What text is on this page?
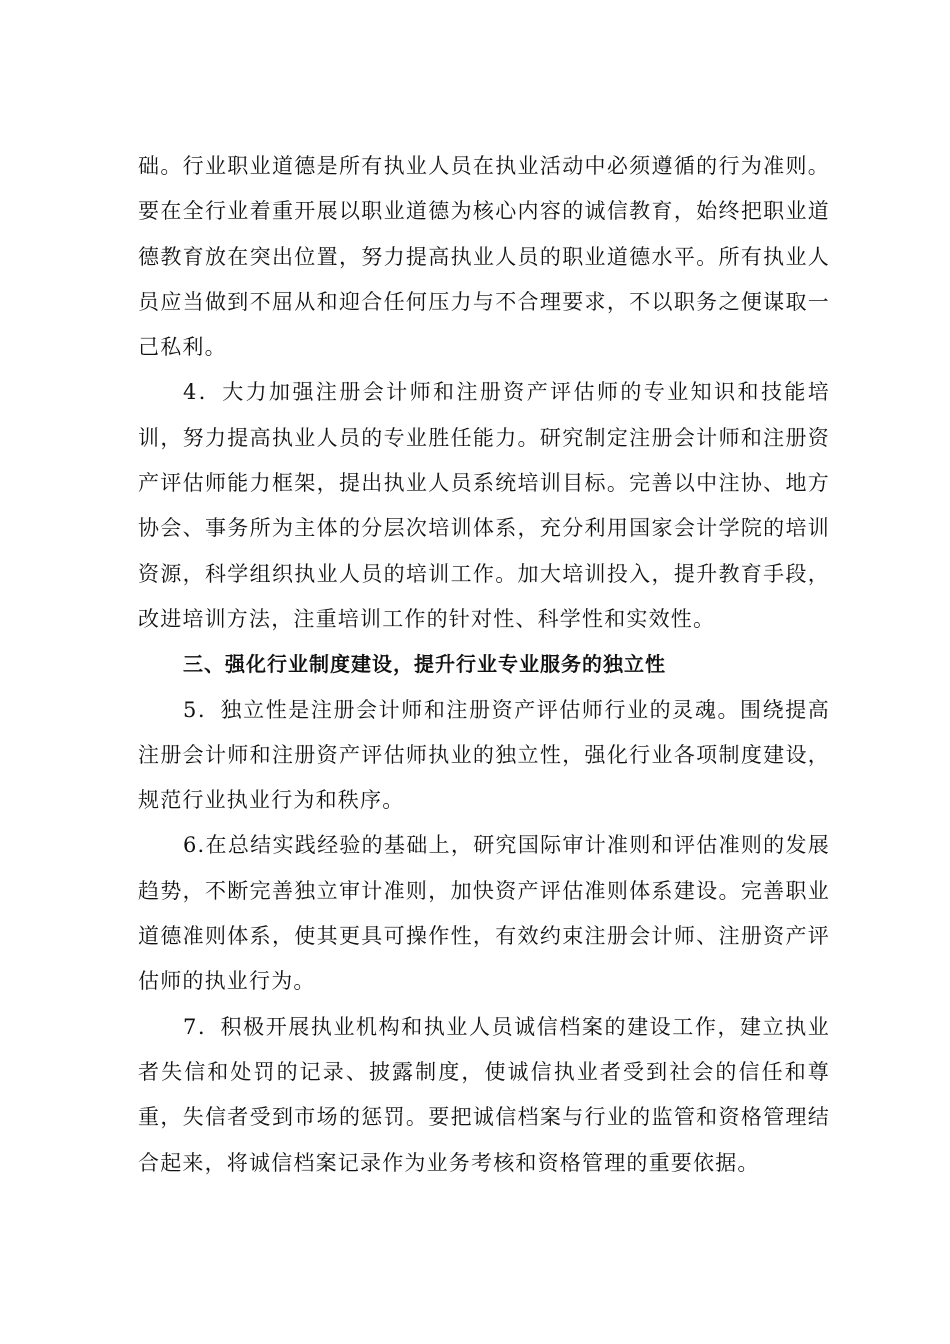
础。行业职业道德是所有执业人员在执业活动中必须遵循的行为准则。要在全行业着重开展以职业道德为核心内容的诚信教育，始终把职业道德教育放在突出位置，努力提高执业人员的职业道德水平。所有执业人员应当做到不屈从和迎合任何压力与不合理要求，不以职务之便谋取一己私利。

4．大力加强注册会计师和注册资产评估师的专业知识和技能培训，努力提高执业人员的专业胜任能力。研究制定注册会计师和注册资产评估师能力框架，提出执业人员系统培训目标。完善以中注协、地方协会、事务所为主体的分层次培训体系，充分利用国家会计学院的培训资源，科学组织执业人员的培训工作。加大培训投入，提升教育手段，改进培训方法，注重培训工作的针对性、科学性和实效性。

三、强化行业制度建设，提升行业专业服务的独立性

5．独立性是注册会计师和注册资产评估师行业的灵魂。围绕提高注册会计师和注册资产评估师执业的独立性，强化行业各项制度建设，规范行业执业行为和秩序。

6.在总结实践经验的基础上，研究国际审计准则和评估准则的发展趋势，不断完善独立审计准则，加快资产评估准则体系建设。完善职业道德准则体系，使其更具可操作性，有效约束注册会计师、注册资产评估师的执业行为。

7．积极开展执业机构和执业人员诚信档案的建设工作，建立执业者失信和处罚的记录、披露制度，使诚信执业者受到社会的信任和尊重，失信者受到市场的惩罚。要把诚信档案与行业的监管和资格管理结合起来，将诚信档案记录作为业务考核和资格管理的重要依据。
